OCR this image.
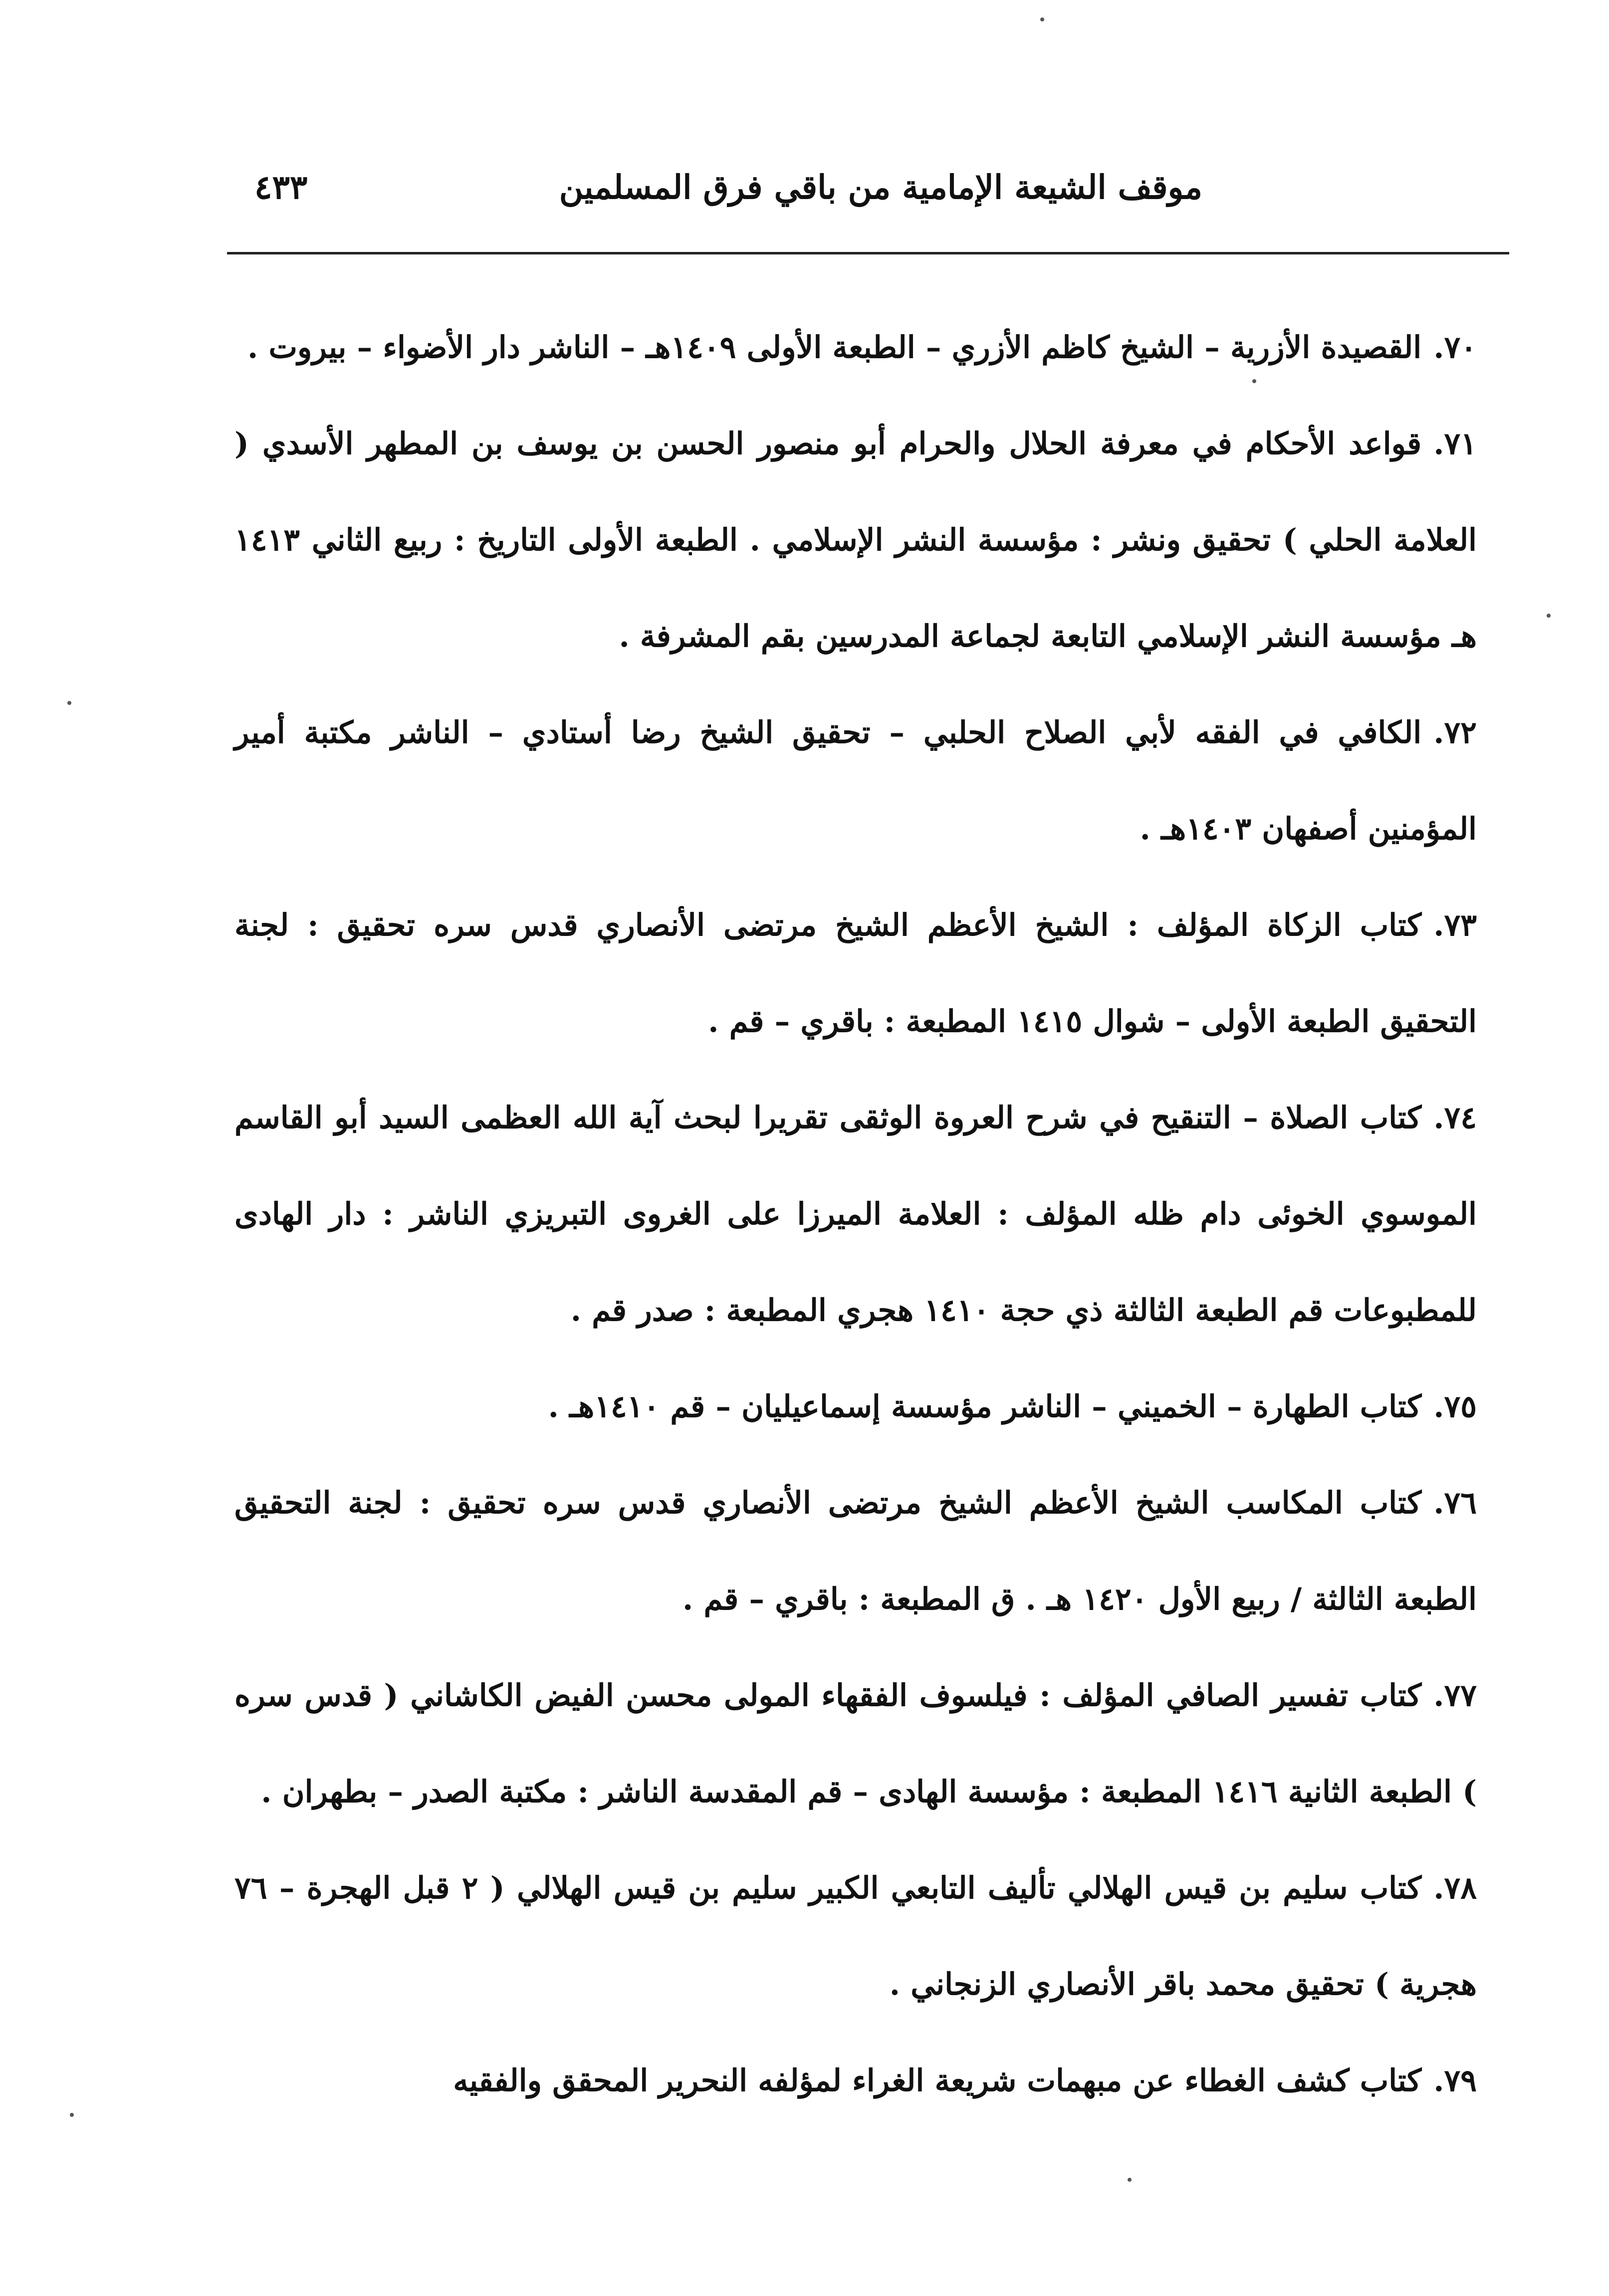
موقف الشيعة الإمامية من باقي فرق المسلمين
٤٣٣

٧٠.القصيدة الأزرية – الشيخ كاظم الأزري – الطبعة الأولى ١٤٠٩هـ – الناشر دار الأضواء – بيروت .

٧١.قواعد الأحكام في معرفة الحلال والحرام أبو منصور الحسن بن يوسف بن المطهر الأسدي ( العلامة الحلي ) تحقيق ونشر : مؤسسة النشر الإسلامي . الطبعة الأولى التاريخ : ربيع الثاني ١٤١٣ هـ مؤسسة النشر الإسلامي التابعة لجماعة المدرسين بقم المشرفة .

٧٢.الكافي في الفقه لأبي الصلاح الحلبي – تحقيق الشيخ رضا أستادي – الناشر مكتبة أمير المؤمنين أصفهان ١٤٠٣هـ .

٧٣.كتاب الزكاة المؤلف : الشيخ الأعظم الشيخ مرتضى الأنصاري قدس سره تحقيق : لجنة التحقيق الطبعة الأولى – شوال ١٤١٥ المطبعة : باقري – قم .

٧٤.كتاب الصلاة – التنقيح في شرح العروة الوثقى تقريرا لبحث آية الله العظمى السيد أبو القاسم الموسوي الخوئى دام ظله المؤلف : العلامة الميرزا على الغروى التبريزي الناشر : دار الهادى للمطبوعات قم الطبعة الثالثة ذي حجة ١٤١٠ هجري المطبعة : صدر قم .

٧٥.كتاب الطهارة – الخميني – الناشر مؤسسة إسماعيليان – قم ١٤١٠هـ .

٧٦.كتاب المكاسب الشيخ الأعظم الشيخ مرتضى الأنصاري قدس سره تحقيق : لجنة التحقيق الطبعة الثالثة / ربيع الأول ١٤٢٠ هـ . ق المطبعة : باقري – قم .

٧٧.كتاب تفسير الصافي المؤلف : فيلسوف الفقهاء المولى محسن الفيض الكاشاني ( قدس سره ) الطبعة الثانية ١٤١٦ المطبعة : مؤسسة الهادى – قم المقدسة الناشر : مكتبة الصدر – بطهران .

٧٨.كتاب سليم بن قيس الهلالي تأليف التابعي الكبير سليم بن قيس الهلالي ( ٢ قبل الهجرة – ٧٦ هجرية ) تحقيق محمد باقر الأنصاري الزنجاني .

٧٩.كتاب كشف الغطاء عن مبهمات شريعة الغراء لمؤلفه النحرير المحقق والفقيه
